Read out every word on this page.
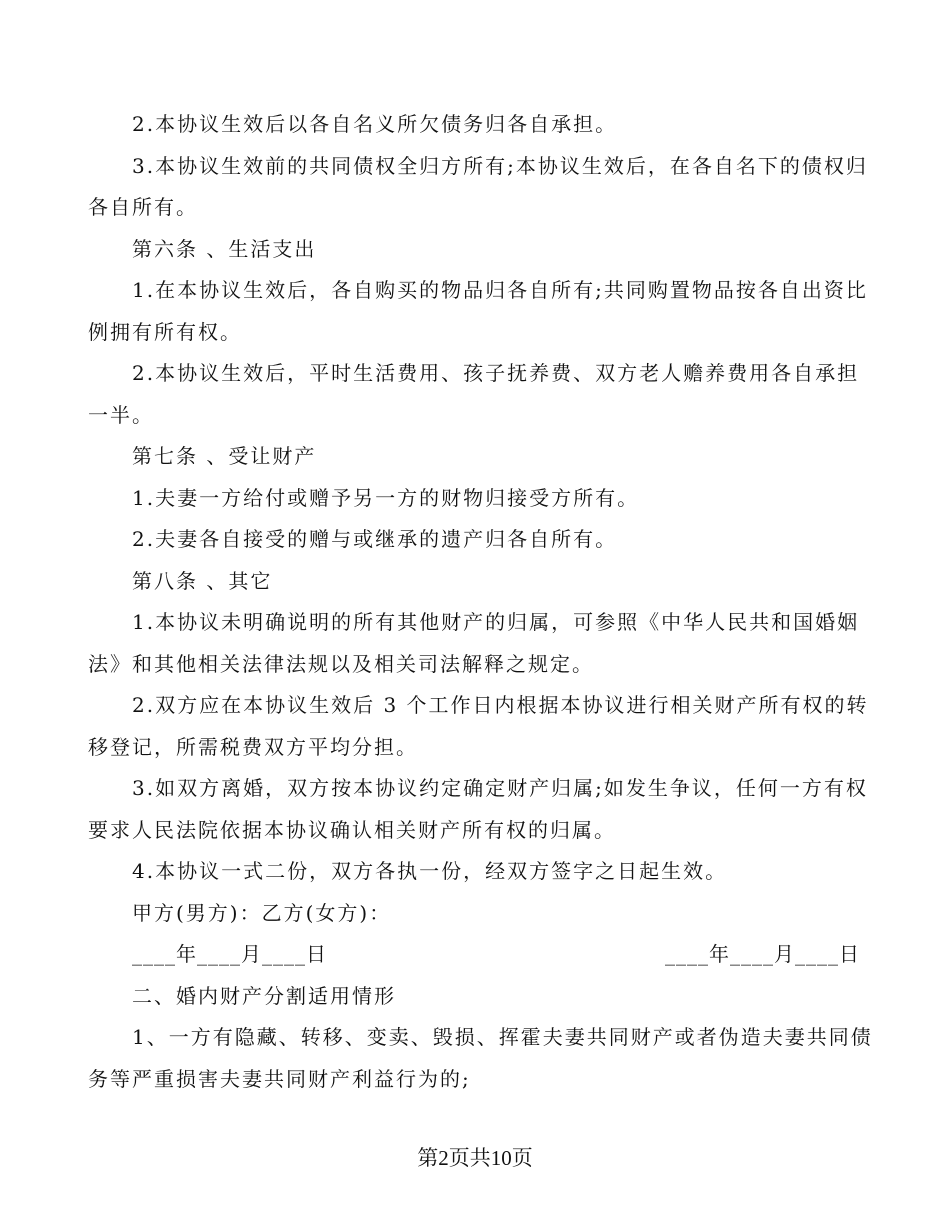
2.本协议生效后以各自名义所欠债务归各自承担。

3.本协议生效前的共同债权全归方所有;本协议生效后，在各自名下的债权归

各自所有。

第六条 、生活支出

1.在本协议生效后，各自购买的物品归各自所有;共同购置物品按各自出资比

例拥有所有权。

2.本协议生效后，平时生活费用、孩子抚养费、双方老人赡养费用各自承担

一半。

第七条 、受让财产

1.夫妻一方给付或赠予另一方的财物归接受方所有。

2.夫妻各自接受的赠与或继承的遗产归各自所有。

第八条 、其它

1.本协议未明确说明的所有其他财产的归属，可参照《中华人民共和国婚姻

法》和其他相关法律法规以及相关司法解释之规定。

2.双方应在本协议生效后 3 个工作日内根据本协议进行相关财产所有权的转

移登记，所需税费双方平均分担。

3.如双方离婚，双方按本协议约定确定财产归属;如发生争议，任何一方有权

要求人民法院依据本协议确认相关财产所有权的归属。

4.本协议一式二份，双方各执一份，经双方签字之日起生效。

甲方(男方)：乙方(女方)：

____年____月____日	____年____月____日

二、婚内财产分割适用情形

1、一方有隐藏、转移、变卖、毁损、挥霍夫妻共同财产或者伪造夫妻共同债

务等严重损害夫妻共同财产利益行为的;

第2页共10页
